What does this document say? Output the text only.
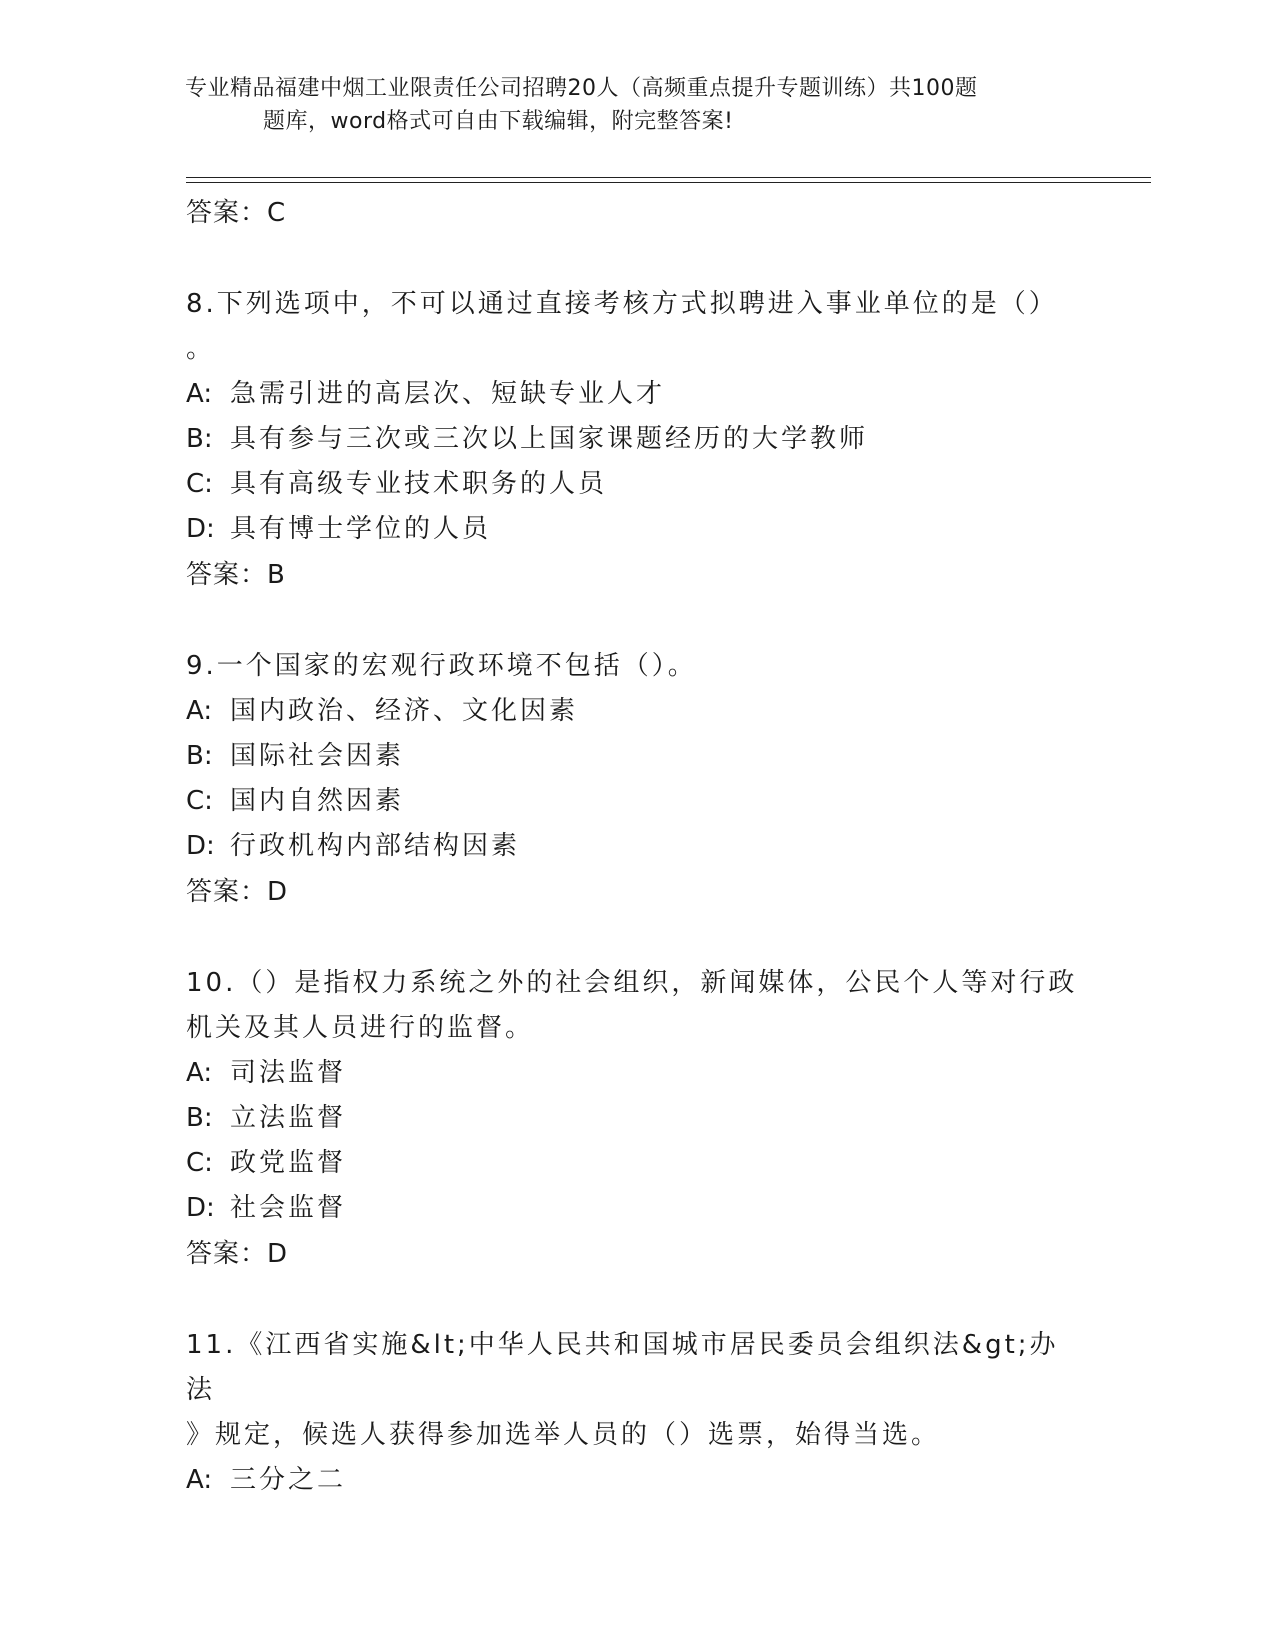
专业精品福建中烟工业限责任公司招聘20人（高频重点提升专题训练）共100题
题库，word格式可自由下载编辑，附完整答案!
答案：C
8.下列选项中，不可以通过直接考核方式拟聘进入事业单位的是（）
。
A: 急需引进的高层次、短缺专业人才
B: 具有参与三次或三次以上国家课题经历的大学教师
C: 具有高级专业技术职务的人员
D: 具有博士学位的人员
答案：B
9.一个国家的宏观行政环境不包括（）。
A: 国内政治、经济、文化因素
B: 国际社会因素
C: 国内自然因素
D: 行政机构内部结构因素
答案：D
10.（）是指权力系统之外的社会组织，新闻媒体，公民个人等对行政
机关及其人员进行的监督。
A: 司法监督
B: 立法监督
C: 政党监督
D: 社会监督
答案：D
11.《江西省实施&lt;中华人民共和国城市居民委员会组织法&gt;办法
》规定，候选人获得参加选举人员的（）选票，始得当选。
A: 三分之二
